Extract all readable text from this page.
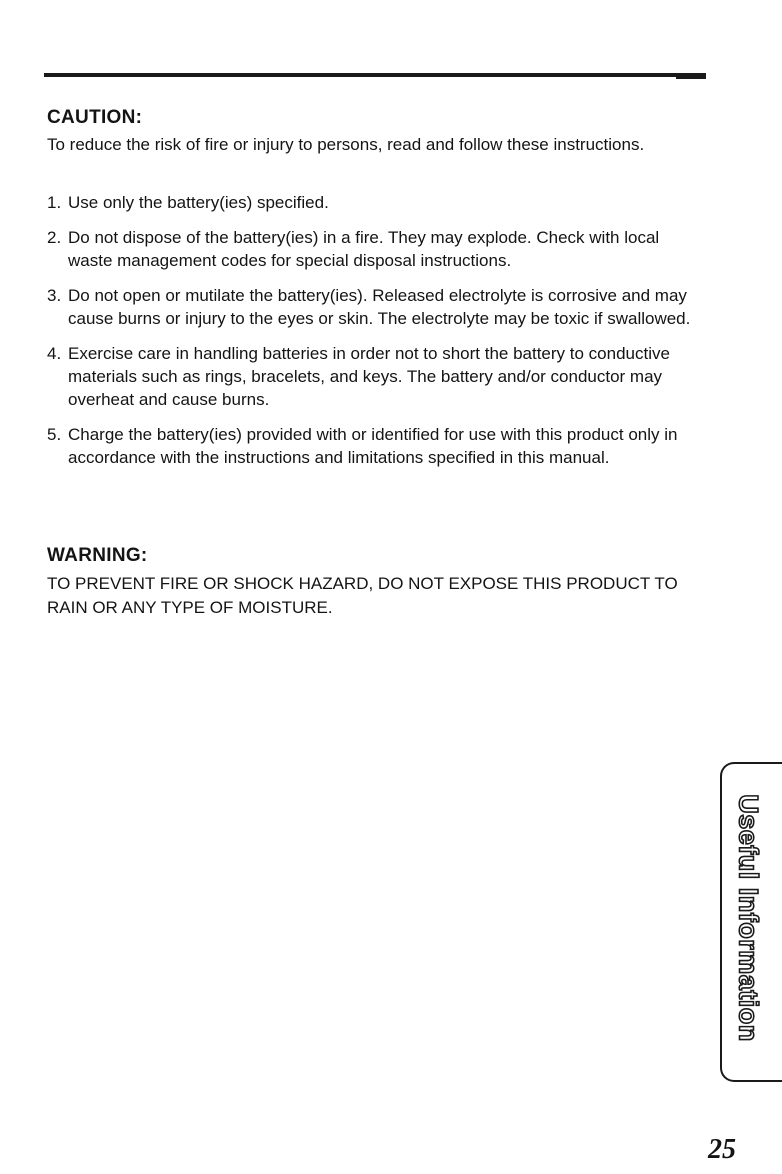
CAUTION:
To reduce the risk of fire or injury to persons, read and follow these instructions.
1. Use only the battery(ies) specified.
2. Do not dispose of the battery(ies) in a fire. They may explode. Check with local waste management codes for special disposal instructions.
3. Do not open or mutilate the battery(ies). Released electrolyte is corrosive and may cause burns or injury to the eyes or skin. The electrolyte may be toxic if swallowed.
4. Exercise care in handling batteries in order not to short the battery to conductive materials such as rings, bracelets, and keys. The battery and/or conductor may overheat and cause burns.
5. Charge the battery(ies) provided with or identified for use with this product only in accordance with the instructions and limitations specified in this manual.
WARNING:
TO PREVENT FIRE OR SHOCK HAZARD, DO NOT EXPOSE THIS PRODUCT TO RAIN OR ANY TYPE OF MOISTURE.
Useful Information
25
